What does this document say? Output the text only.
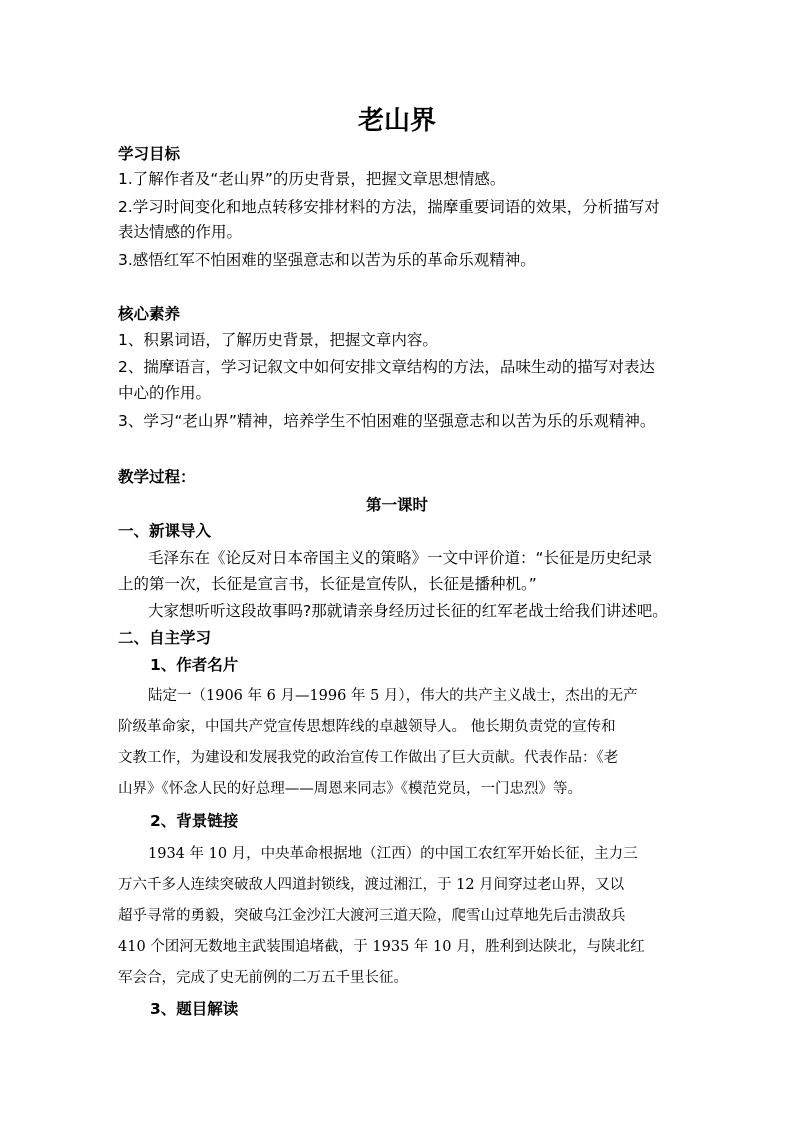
老山界
学习目标
1.了解作者及“老山界”的历史背景，把握文章思想情感。
2.学习时间变化和地点转移安排材料的方法，揣摩重要词语的效果，分析描写对
表达情感的作用。
3.感悟红军不怕困难的坚强意志和以苦为乐的革命乐观精神。
核心素养
1、积累词语，了解历史背景，把握文章内容。
2、揣摩语言，学习记叙文中如何安排文章结构的方法，品味生动的描写对表达
中心的作用。
3、学习“老山界”精神，培养学生不怕困难的坚强意志和以苦为乐的乐观精神。
教学过程：
第一课时
一、新课导入
毛泽东在《论反对日本帝国主义的策略》一文中评价道：“长征是历史纪录
上的第一次，长征是宣言书，长征是宣传队，长征是播种机。”
大家想听听这段故事吗?那就请亲身经历过长征的红军老战士给我们讲述吧。
二、自主学习
1、作者名片
陆定一（1906 年 6 月—1996 年 5 月），伟大的共产主义战士，杰出的无产
阶级革命家，中国共产党宣传思想阵线的卓越领导人。 他长期负责党的宣传和
文教工作，为建设和发展我党的政治宣传工作做出了巨大贡献。代表作品：《老
山界》《怀念人民的好总理——周恩来同志》《模范党员，一门忠烈》等。
2、背景链接
1934 年 10 月，中央革命根据地（江西）的中国工农红军开始长征，主力三
万六千多人连续突破敌人四道封锁线，渡过湘江，于 12 月间穿过老山界，又以
超乎寻常的勇毅，突破乌江金沙江大渡河三道天险，爬雪山过草地先后击溃敌兵
410 个团河无数地主武装围追堵截，于 1935 年 10 月，胜利到达陕北，与陕北红
军会合，完成了史无前例的二万五千里长征。
3、题目解读
